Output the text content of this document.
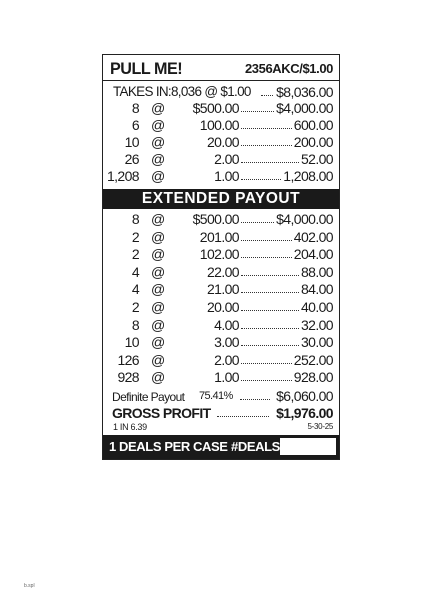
PULL ME!	2356AKC/$1.00
TAKES IN:8,036 @ $1.00 $8,036.00
8 @ $500.00	$4,000.00
6 @	100.00	600.00
10 @	20.00	200.00
26 @	2.00	52.00
1,208 @	1.00	1,208.00
EXTENDED PAYOUT
8 @ $500.00	$4,000.00
2 @	201.00	402.00
2 @	102.00	204.00
4 @	22.00	88.00
4 @	21.00	84.00
2 @	20.00	40.00
8 @	4.00	32.00
10 @	3.00	30.00
126 @	2.00	252.00
928 @	1.00	928.00
Definite Payout 75.41%	$6,060.00
GROSS PROFIT	$1,976.00
1 IN 6.39	5-30-25
1 DEALS PER CASE #DEALS
b.spl
